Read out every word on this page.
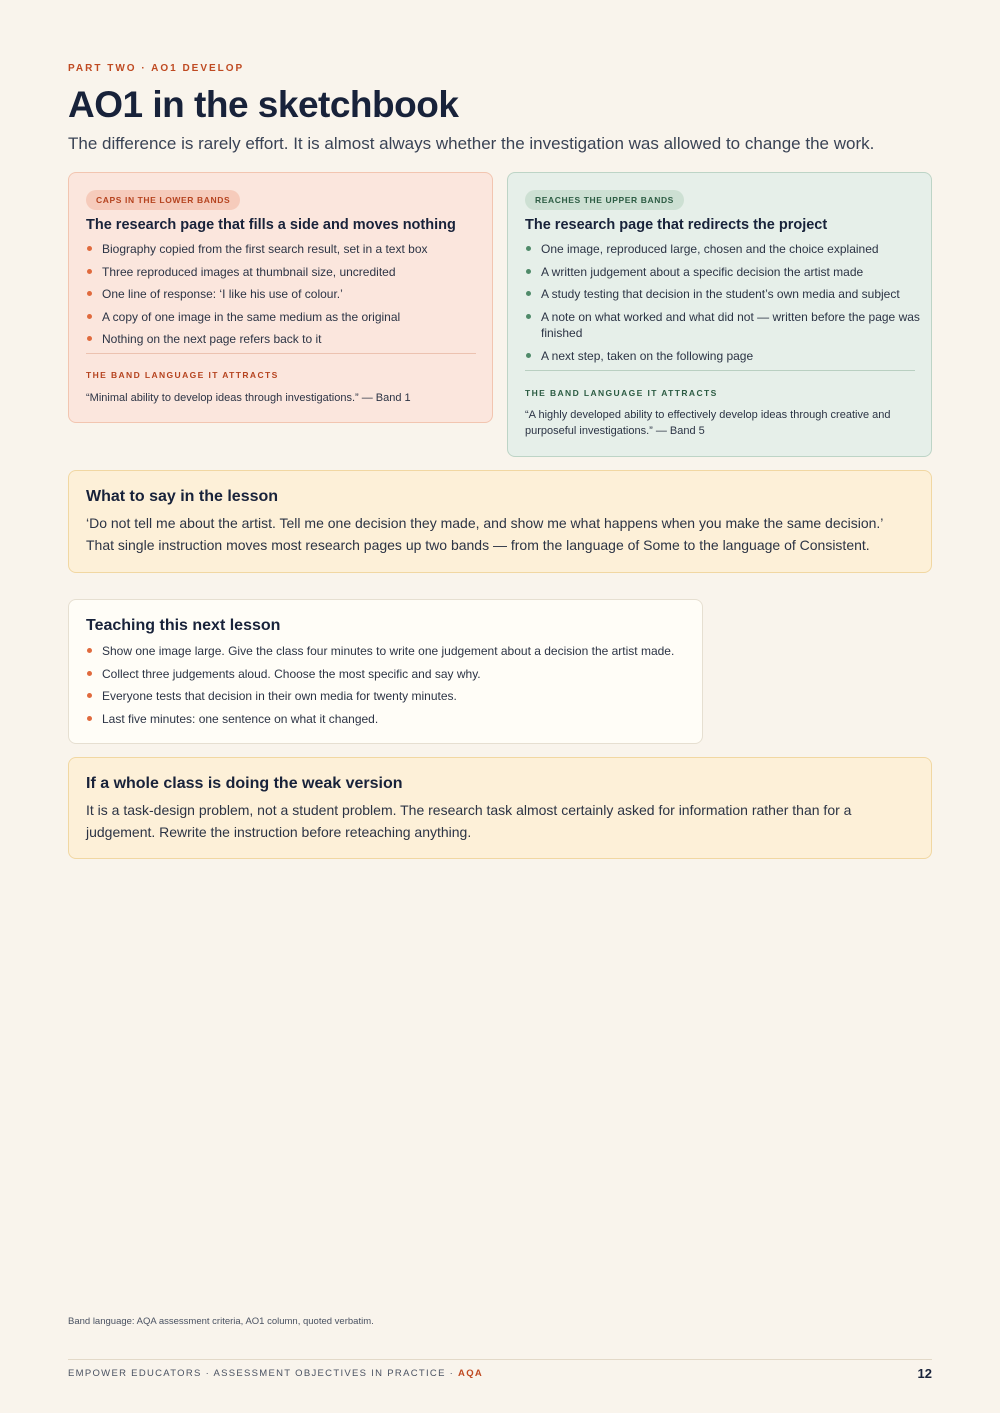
PART TWO · AO1 DEVELOP
AO1 in the sketchbook

The difference is rarely effort. It is almost always whether the investigation was allowed to change the work.

CAPS IN THE LOWER BANDS
The research page that fills a side and moves nothing
Biography copied from the first search result, set in a text box
Three reproduced images at thumbnail size, uncredited
One line of response: ‘I like his use of colour.’
A copy of one image in the same medium as the original
Nothing on the next page refers back to it
THE BAND LANGUAGE IT ATTRACTS

“Minimal ability to develop ideas through investigations.” — Band 1

REACHES THE UPPER BANDS
The research page that redirects the project
One image, reproduced large, chosen and the choice explained
A written judgement about a specific decision the artist made
A study testing that decision in the student’s own media and subject
A note on what worked and what did not — written before the page was finished
A next step, taken on the following page
THE BAND LANGUAGE IT ATTRACTS

“A highly developed ability to effectively develop ideas through creative and purposeful investigations.” — Band 5

What to say in the lesson

‘Do not tell me about the artist. Tell me one decision they made, and show me what happens when you make the same decision.’ That single instruction moves most research pages up two bands — from the language of Some to the language of Consistent.

Teaching this next lesson
Show one image large. Give the class four minutes to write one judgement about a decision the artist made.
Collect three judgements aloud. Choose the most specific and say why.
Everyone tests that decision in their own media for twenty minutes.
Last five minutes: one sentence on what it changed.
If a whole class is doing the weak version

It is a task-design problem, not a student problem. The research task almost certainly asked for information rather than for a judgement. Rewrite the instruction before reteaching anything.

Band language: AQA assessment criteria, AO1 column, quoted verbatim.
EMPOWER EDUCATORS · ASSESSMENT OBJECTIVES IN PRACTICE · AQA	12
